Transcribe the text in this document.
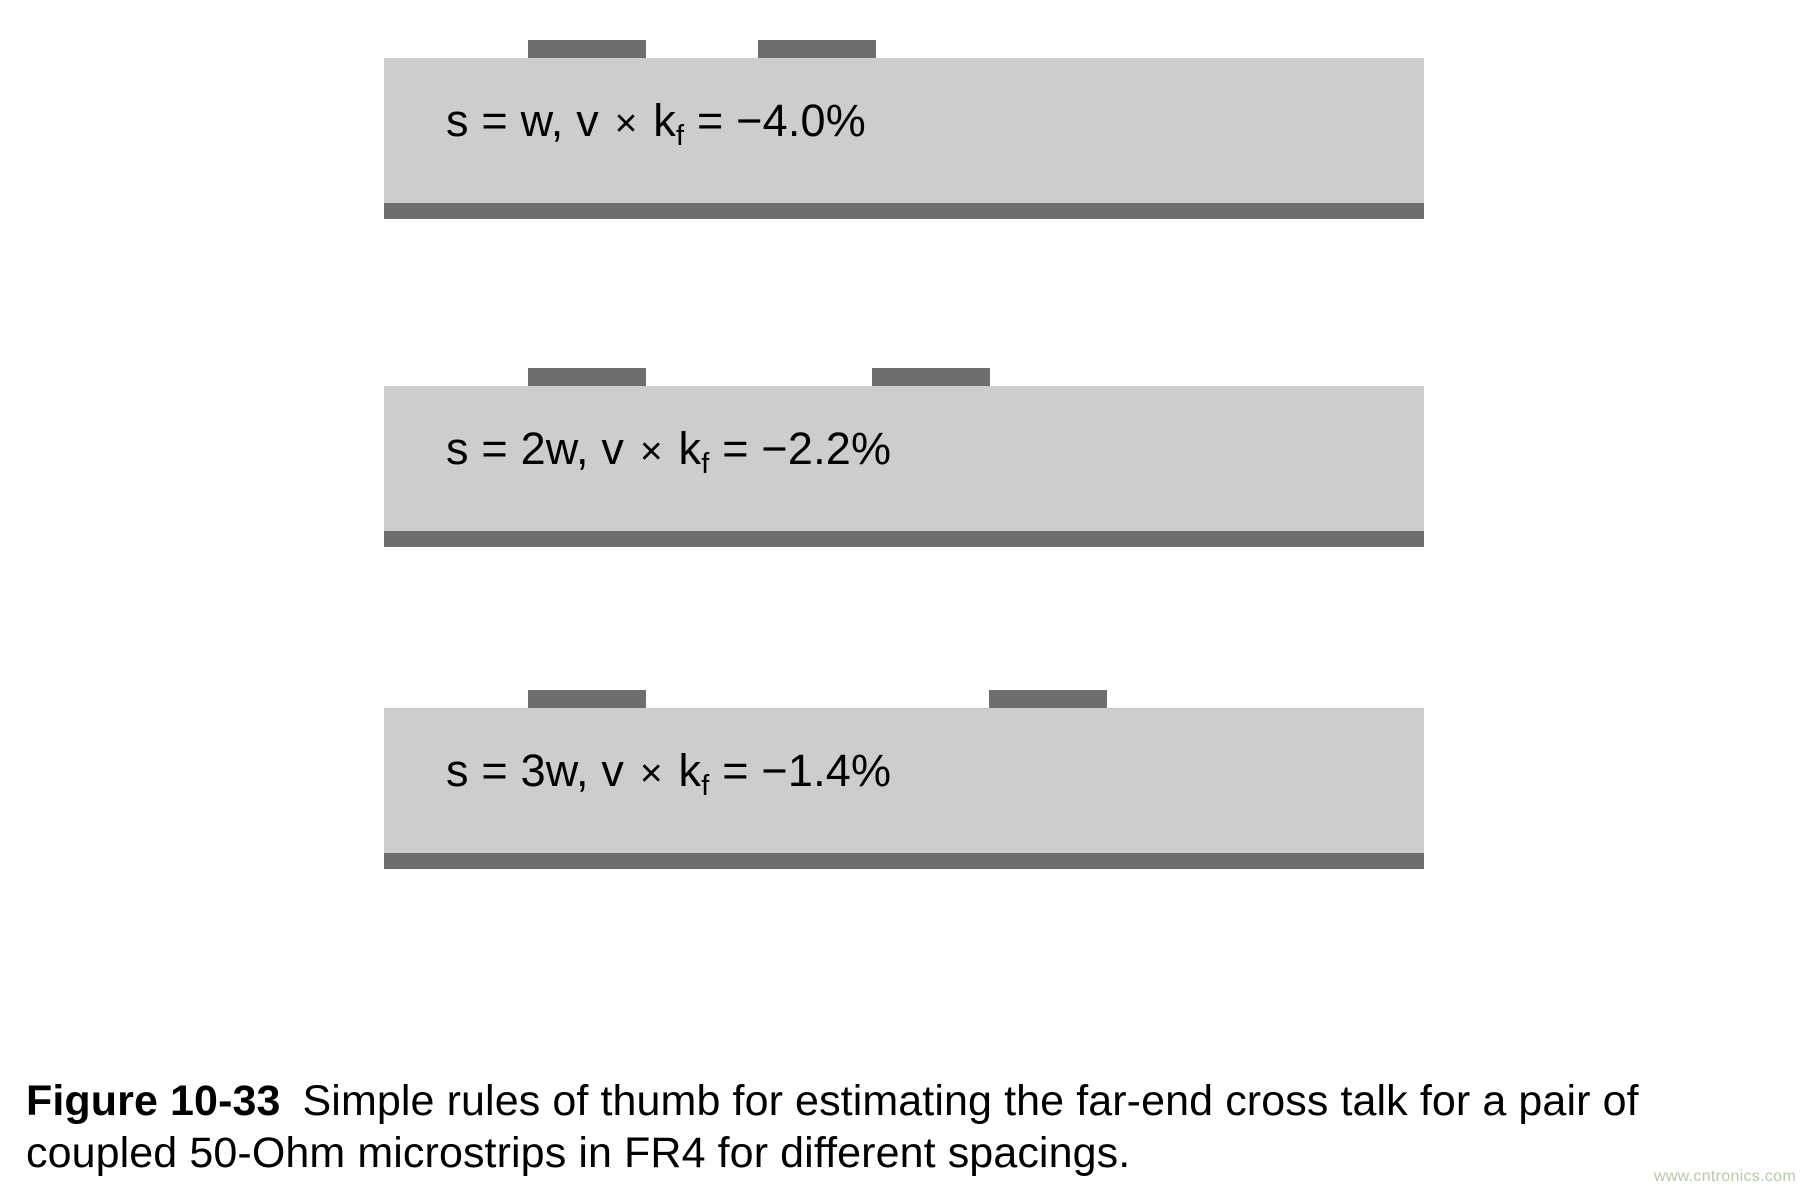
s = w, $v \times k_f = -4.0\%$
s = 2w, $v \times k_f = -2.2\%$
s = 3w, $v \times k_f = -1.4\%$
Figure 10-33 Simple rules of thumb for estimating the far-end cross talk for a pair of coupled 50-Ohm microstrips in FR4 for different spacings.	www.cntronics.com
